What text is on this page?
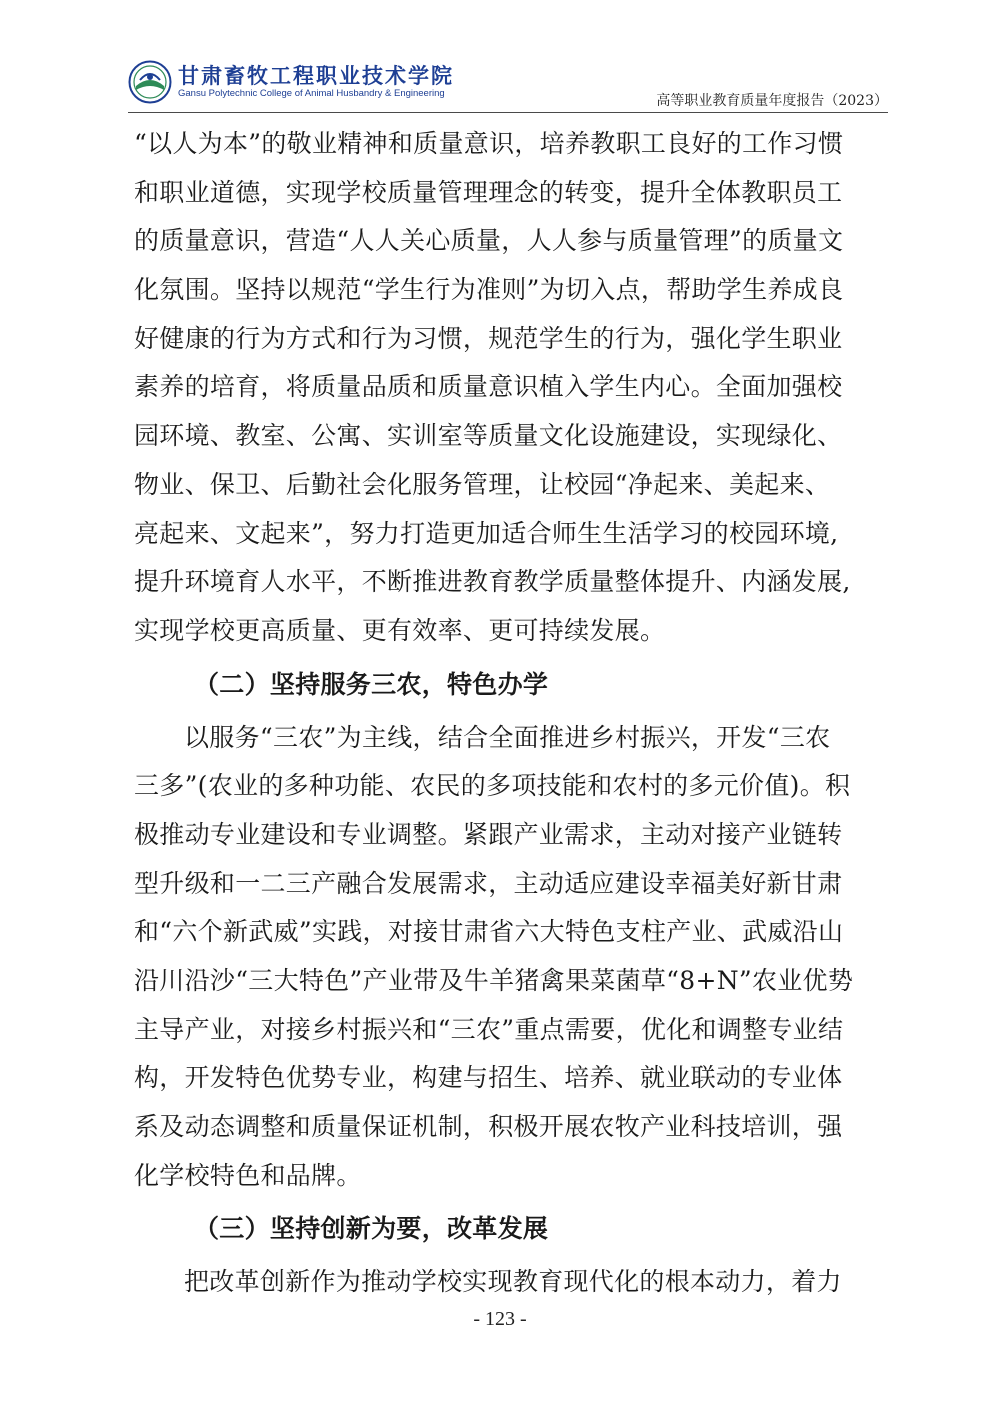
甘肃畜牧工程职业技术学院
Gansu Polytechnic College of Animal Husbandry & Engineering	高等职业教育质量年度报告（2023）
“以人为本”的敬业精神和质量意识，培养教职工良好的工作习惯
和职业道德，实现学校质量管理理念的转变，提升全体教职员工
的质量意识，营造“人人关心质量，人人参与质量管理”的质量文
化氛围。坚持以规范“学生行为准则”为切入点，帮助学生养成良
好健康的行为方式和行为习惯，规范学生的行为，强化学生职业
素养的培育，将质量品质和质量意识植入学生内心。全面加强校
园环境、教室、公寓、实训室等质量文化设施建设，实现绿化、
物业、保卫、后勤社会化服务管理，让校园“净起来、美起来、
亮起来、文起来”，努力打造更加适合师生生活学习的校园环境,
提升环境育人水平，不断推进教育教学质量整体提升、内涵发展,
实现学校更高质量、更有效率、更可持续发展。
（二）坚持服务三农，特色办学
以服务“三农”为主线，结合全面推进乡村振兴，开发“三农
三多”(农业的多种功能、农民的多项技能和农村的多元价值)。积
极推动专业建设和专业调整。紧跟产业需求，主动对接产业链转
型升级和一二三产融合发展需求，主动适应建设幸福美好新甘肃
和“六个新武威”实践，对接甘肃省六大特色支柱产业、武威沿山
沿川沿沙“三大特色”产业带及牛羊猪禽果菜菌草“8+N”农业优势
主导产业，对接乡村振兴和“三农”重点需要，优化和调整专业结
构，开发特色优势专业，构建与招生、培养、就业联动的专业体
系及动态调整和质量保证机制，积极开展农牧产业科技培训，强
化学校特色和品牌。
（三）坚持创新为要，改革发展
把改革创新作为推动学校实现教育现代化的根本动力，着力
- 123 -
